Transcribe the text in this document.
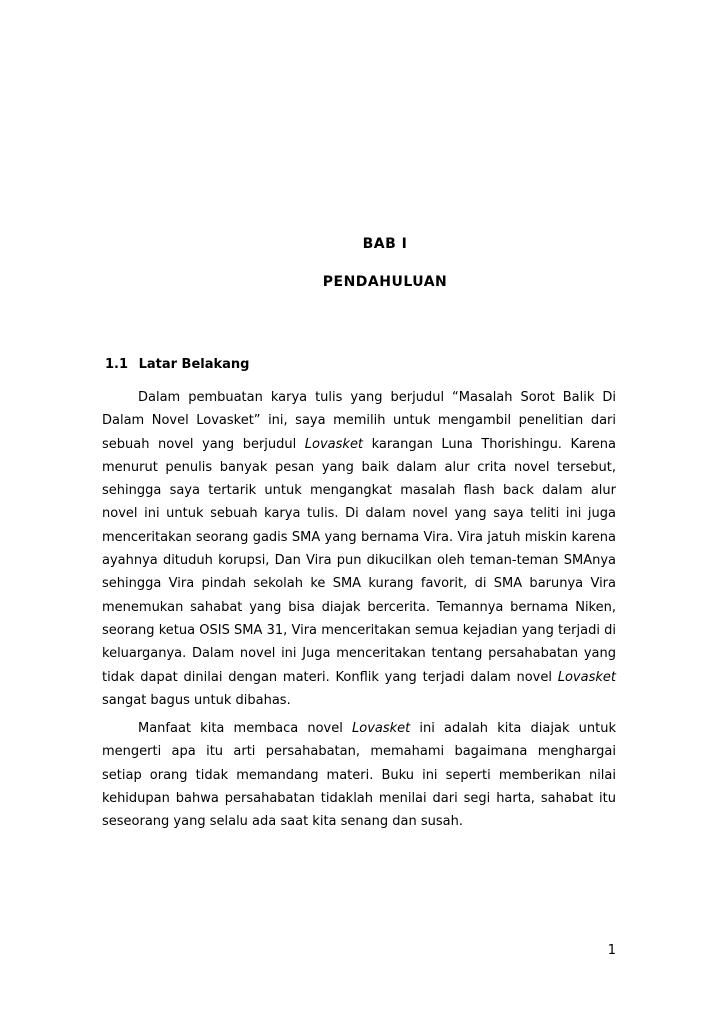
BAB I
PENDAHULUAN
1.1 Latar Belakang

Dalam pembuatan karya tulis yang berjudul “Masalah Sorot Balik Di Dalam Novel Lovasket” ini, saya memilih untuk mengambil penelitian dari sebuah novel yang berjudul Lovasket karangan Luna Thorishingu. Karena menurut penulis banyak pesan yang baik dalam alur crita novel tersebut, sehingga saya tertarik untuk mengangkat masalah flash back dalam alur novel ini untuk sebuah karya tulis. Di dalam novel yang saya teliti ini juga menceritakan seorang gadis SMA yang bernama Vira. Vira jatuh miskin karena ayahnya dituduh korupsi, Dan Vira pun dikucilkan oleh teman-teman SMAnya sehingga Vira pindah sekolah ke SMA kurang favorit, di SMA barunya Vira menemukan sahabat yang bisa diajak bercerita. Temannya bernama Niken, seorang ketua OSIS SMA 31, Vira menceritakan semua kejadian yang terjadi di keluarganya. Dalam novel ini Juga menceritakan tentang persahabatan yang tidak dapat dinilai dengan materi. Konflik yang terjadi dalam novel Lovasket sangat bagus untuk dibahas.

Manfaat kita membaca novel Lovasket ini adalah kita diajak untuk mengerti apa itu arti persahabatan, memahami bagaimana menghargai setiap orang tidak memandang materi. Buku ini seperti memberikan nilai kehidupan bahwa persahabatan tidaklah menilai dari segi harta, sahabat itu seseorang yang selalu ada saat kita senang dan susah.

1
